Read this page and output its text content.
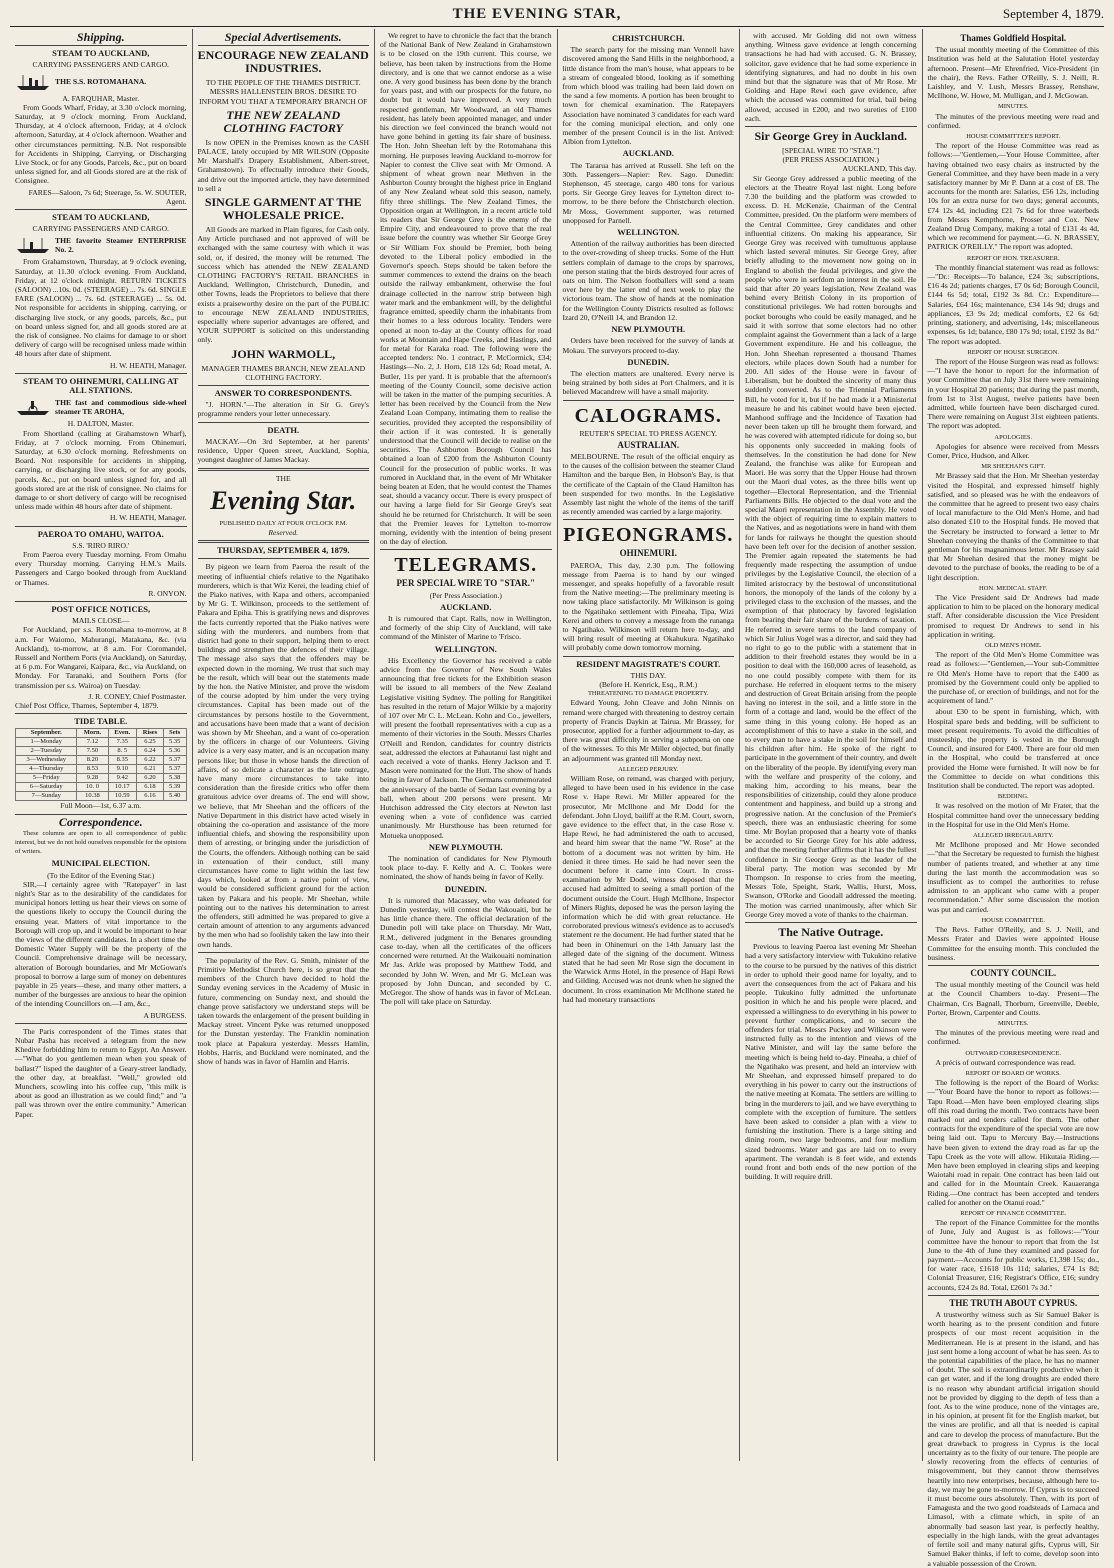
THE EVENING STAR,	September 4, 1879.
Shipping.
STEAM TO AUCKLAND,
CARRYING PASSENGERS AND CARGO.
THE S.S. ROTOMAHANA.
A. FARQUHAR, Master.

From Goods Wharf, Friday, at 3.30 o'clock morning, Saturday, at 9 o'clock morning. From Auckland, Thursday, at 4 o'clock afternoon, Friday, at 4 o'clock afternoon, Saturday, at 4 o'clock afternoon. Weather and other circumstances permitting. N.B. Not responsible for Accidents in Shipping, Carrying, or Discharging Live Stock, or for any Goods, Parcels, &c., put on board unless signed for, and all Goods stored are at the risk of Consignee.

FARES—Saloon, 7s 6d; Steerage, 5s. W. SOUTER, Agent.
STEAM TO AUCKLAND,
CARRYING PASSENGERS AND CARGO.
THE favorite Steamer ENTERPRISE No. 2.

From Grahamstown, Thursday, at 9 o'clock evening, Saturday, at 11.30 o'clock evening. From Auckland, Friday, at 12 o'clock midnight. RETURN TICKETS (SALOON) ...10s. 0d. (STEERAGE) ... 7s. 6d. SINGLE FARE (SALOON) ... 7s. 6d. (STEERAGE) ... 5s. 0d. Not responsible for accidents in shipping, carrying, or discharging live stock, or any goods, parcels, &c., put on board unless signed for, and all goods stored are at the risk of consignee. No claims for damage to or short delivery of cargo will be recognised unless made within 48 hours after date of shipment.

H. W. HEATH, Manager.
STEAM TO OHINEMURI, CALLING AT ALL STATIONS.
THE fast and commodious side-wheel steamer TE AROHA,
H. DALTON, Master.

From Shortland (calling at Grahamstown Wharf), Friday, at 7 o'clock morning. From Ohinemuri, Saturday, at 6.30 o'clock morning. Refreshments on Board. Not responsible for accidents in shipping, carrying, or discharging live stock, or for any goods, parcels, &c., put on board unless signed for, and all goods stored are at the risk of consignee. No claims for damage to or short delivery of cargo will be recognised unless made within 48 hours after date of shipment.

H. W. HEATH, Manager.
PAEROA TO OMAHU, WAITOA.
S.S. 'RIRO RIRO.'

From Paeroa every Tuesday morning. From Omahu every Thursday morning. Carrying H.M.'s Mails. Passengers and Cargo booked through from Auckland or Thames.

R. ONYON.
POST OFFICE NOTICES,
MAILS CLOSE—

For Auckland, per s.s. Rotomahana to-morrow, at 8 a.m. For Waiomo, Mahurangi, Matakana, &c. (via Auckland), to-morrow, at 8 a.m. For Coromandel, Russell and Northern Ports (via Auckland), on Saturday, at 6 p.m. For Wangarei, Kaipara, &c., via Auckland, on Monday. For Taranaki, and Southern Ports (for transmission per s.s. Wairoa) on Tuesday.

J. R. CONEY, Chief Postmaster.
Chief Post Office, Thames, September 4, 1879.
TIDE TABLE.
September.	Morn.	Even.	Rises	Sets
1—Monday	7.12	7.35	6.25	5.35
2—Tuesday	7.50	8. 5	6.24	5.36
3—Wednesday	8.20	8.35	6.22	5.37
4—Thursday	8.53	9.10	6.21	5.37
5—Friday	9.28	9.42	6.20	5.38
6—Saturday	10. 0	10.17	6.18	5.39
7—Sunday	10.38	10.59	6.16	5.40
Full Moon—1st, 6.37 a.m.
Correspondence.

These columns are open to all correspondence of public interest, but we do not hold ourselves responsible for the opinions of writers.

MUNICIPAL ELECTION.
(To the Editor of the Evening Star.)

SIR,—I certainly agree with "Ratepayer" in last night's Star as to the desirability of the candidates for municipal honors letting us hear their views on some of the questions likely to occupy the Council during the ensuing year. Matters of vital importance to the Borough will crop up, and it would be important to hear the views of the different candidates. In a short time the Domestic Water Supply will be the property of the Council. Comprehensive drainage will be necessary, alteration of Borough boundaries, and Mr McGowan's proposal to borrow a large sum of money on debentures payable in 25 years—these, and many other matters, a number of the burgesses are anxious to hear the opinion of the intending Councillors on.—I am, &c.,

A BURGESS.

The Paris correspondent of the Times states that Nubar Pasha has received a telegram from the new Khedive forbidding him to return to Egypt. An Answer.—"What do you gentlemen mean when you speak of ballast?" lisped the daughter of a Geary-street landlady, the other day, at breakfast. "Well," growled old Munchers, scowling into his coffee cup, "this milk is about as good an illustration as we could find;" and "a pall was thrown over the entire community." American Paper.

Special Advertisements.
ENCOURAGE NEW ZEALAND INDUSTRIES.
TO THE PEOPLE OF THE THAMES DISTRICT.
MESSRS HALLENSTEIN BROS. DESIRE TO INFORM YOU THAT A TEMPORARY BRANCH OF
THE NEW ZEALAND CLOTHING FACTORY

Is now OPEN in the Premises known as the CASH PALACE, lately occupied by MR WILSON (Opposite Mr Marshall's Drapery Establishment, Albert-street, Grahamstown). To effectually introduce their Goods, and drive out the imported article, they have determined to sell a

SINGLE GARMENT AT THE WHOLESALE PRICE.

All Goods are marked in Plain figures, for Cash only. Any Article purchased and not approved of will be exchanged with the same courtesy with which it was sold, or, if desired, the money will be returned. The success which has attended the NEW ZEALAND CLOTHING FACTORY'S RETAIL BRANCHES in Auckland, Wellington, Christchurch, Dunedin, and other Towns, leads the Proprietors to believe that there exists a praiseworthy desire on the part of the PUBLIC to encourage NEW ZEALAND INDUSTRIES, especially where superior advantages are offered, and YOUR SUPPORT is solicited on this understanding only.

JOHN WARMOLL,
MANAGER THAMES BRANCH, NEW ZEALAND CLOTHING FACTORY.
ANSWER TO CORRESPONDENTS.

"J. HORN."—The alteration in Sir G. Grey's programme renders your letter unnecessary.

DEATH.

MACKAY.—On 3rd September, at her parents' residence, Upper Queen street, Auckland, Sophia, youngest daughter of James Mackay.

THE
Evening Star.
PUBLISHED DAILY AT FOUR O'CLOCK P.M.
Reserved.
THURSDAY, SEPTEMBER 4, 1879.

By pigeon we learn from Paeroa the result of the meeting of influential chiefs relative to the Ngatihako murderers, which is that Wiz Kerei, the leading chief of the Piako natives, with Kapa and others, accompanied by Mr G. T. Wilkinson, proceeds to the settlement of Pakara and Epiha. This is gratifying news and disproves the facts currently reported that the Piako natives were siding with the murderers, and numbers from that district had gone to their support, helping them to erect buildings and strengthen the defences of their village. The message also says that the offenders may be expected down in the morning. We trust that such may be the result, which will bear out the statements made by the hon. the Native Minister, and prove the wisdom of the course adopted by him under the very trying circumstances. Capital has been made out of the circumstances by persons hostile to the Government, and accusations have been made that a want of decision was shown by Mr Sheehan, and a want of co-operation by the officers in charge of our Volunteers. Giving advice is a very easy matter, and is an occupation many persons like; but those in whose hands the direction of affairs, of so delicate a character as the late outrage, have many more circumstances to take into consideration than the fireside critics who offer them gratuitous advice over dreams of. The end will show, we believe, that Mr Sheehan and the officers of the Native Department in this district have acted wisely in obtaining the co-operation and assistance of the more influential chiefs, and showing the responsibility upon them of arresting, or bringing under the jurisdiction of the Courts, the offenders. Although nothing can be said in extenuation of their conduct, still many circumstances have come to light within the last few days which, looked at from a native point of view, would be considered sufficient ground for the action taken by Pakara and his people. Mr Sheehan, while pointing out to the natives his determination to arrest the offenders, still admitted he was prepared to give a certain amount of attention to any arguments advanced by the men who had so foolishly taken the law into their own hands.

The popularity of the Rev. G. Smith, minister of the Primitive Methodist Church here, is so great that the members of the Church have decided to hold the Sunday evening services in the Academy of Music in future, commencing on Sunday next, and should the change prove satisfactory we understand steps will be taken towards the enlargement of the present building in Mackay street. Vincent Pyke was returned unopposed for the Dunstan yesterday. The Franklin nomination took place at Papakura yesterday. Messrs Hamlin, Hobbs, Harris, and Buckland were nominated, and the show of hands was in favor of Hamlin and Harris.

We regret to have to chronicle the fact that the branch of the National Bank of New Zealand in Grahamstown is to be closed on the 19th current. This course, we believe, has been taken by instructions from the Home directory, and is one that we cannot endorse as a wise one. A very good business has been done by the branch for years past, and with our prospects for the future, no doubt but it would have improved. A very much respected gentleman, Mr Woodward, an old Thames resident, has lately been appointed manager, and under his direction we feel convinced the branch would not have gone behind in getting its fair share of business. The Hon. John Sheehan left by the Rotomahana this morning. He purposes leaving Auckland to-morrow for Napier to contest the Clive seat with Mr Ormond. A shipment of wheat grown near Methven in the Ashburton County brought the highest price in England of any New Zealand wheat sold this season, namely, fifty three shillings. The New Zealand Times, the Opposition organ at Wellington, in a recent article told its readers that Sir George Grey is the enemy of the Empire City, and endeavoured to prove that the real issue before the country was whether Sir George Grey or Sir William Fox should be Premier, both being devoted to the Liberal policy embodied in the Governor's speech. Steps should be taken before the summer commences to extend the drains on the beach outside the railway embankment, otherwise the foul drainage collected in the narrow strip between high water mark and the embankment will, by the delightful fragrance emitted, speedily charm the inhabitants from their homes to a less odorous locality. Tenders were opened at noon to-day at the County offices for road works at Mountain and Hape Creeks, and Hastings, and for metal for Karaka road. The following were the accepted tenders: No. 1 contract, P. McCormick, £34; Hastings—No. 2, J. Horn, £18 12s 6d; Road metal, A. Butler, 11s per yard. It is probable that the afternoon's meeting of the County Council, some decisive action will be taken in the matter of the pumping securities. A letter has been received by the Council from the New Zealand Loan Company, intimating them to realise the securities, provided they accepted the responsibility of their action if it was contested. It is generally understood that the Council will decide to realise on the securities. The Ashburton Borough Council has obtained a loan of £200 from the Ashburton County Council for the prosecution of public works. It was rumored in Auckland that, in the event of Mr Whitaker being beaten at Eden, that he would contest the Thames seat, should a vacancy occur. There is every prospect of our having a large field for Sir George Grey's seat should he be returned for Christchurch. It will be seen that the Premier leaves for Lyttelton to-morrow morning, evidently with the intention of being present on the day of election.

TELEGRAMS.
PER SPECIAL WIRE TO "STAR."
(Per Press Association.)
AUCKLAND.

It is rumoured that Capt. Ralls, now in Wellington, and formerly of the ship City of Auckland, will take command of the Minister of Marine to 'Frisco.

WELLINGTON.

His Excellency the Governor has received a cable advice from the Governor of New South Wales announcing that free tickets for the Exhibition season will be issued to all members of the New Zealand Legislative visiting Sydney. The polling for Rangitikei has resulted in the return of Major Wilkie by a majority of 107 over Mr C. L. McLean. Kohn and Co., jewellers, will present the football representatives with a cup as a memento of their victories in the South. Messrs Charles O'Neill and Rendon, candidates for country districts seat, addressed the electors at Pahautanui last night and each received a vote of thanks. Henry Jackson and T. Mason were nominated for the Hutt. The show of hands being in favor of Jackson. The Germans commemorated the anniversary of the battle of Sedan last evening by a ball, when about 200 persons were present. Mr Hutchison addressed the City electors at Newton last evening when a vote of confidence was carried unanimously. Mr Hursthouse has been returned for Motueka unopposed.

NEW PLYMOUTH.

The nomination of candidates for New Plymouth took place to-day. F. Kelly and A. C. Tookes were nominated, the show of hands being in favor of Kelly.

DUNEDIN.

It is rumored that Macassey, who was defeated for Dunedin yesterday, will contest the Wakouaiti, but he has little chance there. The official declaration of the Dunedin poll will take place on Thursday. Mr Watt, R.M., delivered judgment in the Benares grounding case to-day, when all the certificates of the officers concerned were returned. At the Waikouaiti nomination Mr Jas. Arkle was proposed by Matthew Todd, and seconded by John W. Wren, and Mr G. McLean was proposed by John Duncan, and seconded by C. McGregor. The show of hands was in favor of McLean. The poll will take place on Saturday.

CHRISTCHURCH.

The search party for the missing man Vennell have discovered among the Sand Hills in the neighborhood, a little distance from the man's house, what appears to be a stream of congealed blood, looking as if something from which blood was trailing had been laid down on the sand a few moments. A portion has been brought to town for chemical examination. The Ratepayers Association have nominated 3 candidates for each ward for the coming municipal election, and only one member of the present Council is in the list. Arrived: Albion from Lyttelton.

AUCKLAND.

The Tararua has arrived at Russell. She left on the 30th. Passengers—Napier: Rev. Sago. Dunedin: Stephenson, 45 steerage, cargo 480 tons for various ports. Sir George Grey leaves for Lyttelton direct to-morrow, to be there before the Christchurch election. Mr Moss, Government supporter, was returned unopposed for Parnell.

WELLINGTON.

Attention of the railway authorities has been directed to the over-crowding of sheep trucks. Some of the Hutt settlers complain of damage to the crops by sparrows, one person stating that the birds destroyed four acres of oats on him. The Nelson footballers will send a team over here by the latter end of next week to play the victorious team. The show of hands at the nomination for the Wellington County Districts resulted as follows: Izard 20, O'Neill 14, and Brandon 12.

NEW PLYMOUTH.

Orders have been received for the survey of lands at Mokau. The surveyors proceed to-day.

DUNEDIN.

The election matters are unaltered. Every nerve is being strained by both sides at Port Chalmers, and it is believed Macandrew will have a small majority.

CALOGRAMS.
REUTER'S SPECIAL TO PRESS AGENCY.
AUSTRALIAN.

MELBOURNE. The result of the official enquiry as to the causes of the collision between the steamer Claud Hamilton and the barque Ben, in Hobson's Bay, is that the certificate of the Captain of the Claud Hamilton has been suspended for two months. In the Legislative Assembly last night the whole of the items of the tariff as recently amended was carried by a large majority.

PIGEONGRAMS.
OHINEMURI.

PAEROA, This day, 2.30 p.m. The following message from Paeroa is to hand by our winged messenger, and speaks hopefully of a favorable result from the Native meeting:—The preliminary meeting is now taking place satisfactorily. Mr Wilkinson is going to the Ngatihako settlement with Pineaha, Tipa, Wizi Kerei and others to convey a message from the runanga to Ngatihako. Wilkinson will return here to-day, and will bring result of meeting at Okahukura. Ngatihako will probably come down tomorrow morning.

RESIDENT MAGISTRATE'S COURT.
THIS DAY.
(Before H. Kenrick, Esq., R.M.)
THREATENING TO DAMAGE PROPERTY.

Edward Young, John Cleave and John Ninnis on remand were charged with threatening to destroy certain property of Francis Daykin at Tairua. Mr Brassey, for prosecutor, applied for a further adjournment to-day, as there was great difficulty in serving a subpoena on one of the witnesses. To this Mr Miller objected, but finally an adjournment was granted till Monday next.

ALLEGED PERJURY.

William Rose, on remand, was charged with perjury, alleged to have been used in his evidence in the case Rose v. Hape Rewi. Mr Miller appeared for the prosecutor, Mr McIlhone and Mr Dodd for the defendant. John Lloyd, bailiff at the R.M. Court, sworn, gave evidence to the effect that, in the case Rose v. Hape Rewi, he had administered the oath to accused, and heard him swear that the name "W. Rose" at the bottom of a document was not written by him. He denied it three times. He said he had never seen the document before it came into Court. In cross-examination by Mr Dodd, witness deposed that the accused had admitted to seeing a small portion of the document outside the Court. Hugh McIlhone, Inspector of Miners Rights, deposed he was the person laying the information which he did with great reluctance. He corroborated previous witness's evidence as to accused's statement re the document. He had further stated that he had been in Ohinemuri on the 14th January last the alleged date of the signing of the document. Witness stated that he had seen Mr Rose sign the document in the Warwick Arms Hotel, in the presence of Hapi Rewi and Gilding. Accused was not drunk when he signed the document. In cross examination Mr McIlhone stated he had had monetary transactions

with accused. Mr Golding did not own witness anything. Witness gave evidence at length concerning transactions he had had with accused. G. N. Brassey, solicitor, gave evidence that he had some experience in identifying signatures, and had no doubt in his own mind but that the signature was that of Mr Rose. Mr Golding and Hape Rewi each gave evidence, after which the accused was committed for trial, bail being allowed, accused in £200, and two sureties of £100 each.

Sir George Grey in Auckland.
[SPECIAL WIRE TO "STAR."]
(PER PRESS ASSOCIATION.)
AUCKLAND, This day.

Sir George Grey addressed a public meeting of the electors at the Theatre Royal last night. Long before 7.30 the building and the platform was crowded to excess. D. H. McKenzie, Chairman of the Central Committee, presided. On the platform were members of the Central Committee, Grey candidates and other influential citizens. On making his appearance, Sir George Grey was received with tumultuous applause which lasted several minutes. Sir George Grey, after briefly alluding to the movement now going on in England to abolish the feudal privileges, and give the people who were in serfdom an interest in the soil. He said that after 20 years legislation, New Zealand was behind every British Colony in its proportion of constitutional privileges. We had rotten boroughs and pocket boroughs who could be easily managed, and he said it with sorrow that some electors had no other complaint against the Government than a lack of a large Government expenditure. He and his colleague, the Hon. John Sheehan represented a thousand Thames electors, while places down South had a number for 200. All sides of the House were in favour of Liberalism, but he doubted the sincerity of many thus suddenly converted. As to the Triennial Parliaments Bill, he voted for it, but if he had made it a Ministerial measure he and his cabinet would have been ejected. Manhood suffrage and the Incidence of Taxation had never been taken up till he brought them forward, and he was covered with attempted ridicule for doing so, but his opponents only succeeded in making fools of themselves. In the constitution he had done for New Zealand, the franchise was alike for European and Maori. He was sorry that the Upper House had thrown out the Maori dual votes, as the three bills went up together—Electoral Representation, and the Triennial Parliaments Bills. He objected to the dual vote and the special Maori representation in the Assembly. He voted with the object of requiring time to explain matters to the Natives, and as negotiations were in hand with them for lands for railways he thought the question should have been left over for the decision of another session. The Premier again repeated the statements he had frequently made respecting the assumption of undue privileges by the Legislative Council, the election of a limited aristocracy by the bestowal of unconstitutional honors, the monopoly of the lands of the colony by a privileged class to the exclusion of the masses, and the exemption of that plutocracy by favored legislation from bearing their fair share of the burdens of taxation. He referred in severe terms to the land company of which Sir Julius Vogel was a director, and said they had no right to go to the public with a statement that in addition to their freehold estates they would be in a position to deal with the 160,000 acres of leasehold, as no one could possibly compete with them for its purchase. He referred in eloquent terms to the misery and destruction of Great Britain arising from the people having no interest in the soil, and a little store in the form of a cottage and land, would be the effect of the same thing in this young colony. He hoped as an accomplishment of this to have a stake in the soil, and to every man to have a stake in the soil for himself and his children after him. He spoke of the right to participate in the government of their country, and dwelt on the liberality of the people. By identifying every man with the welfare and prosperity of the colony, and making him, according to his means, bear the responsibilities of citizenship, could they alone produce contentment and happiness, and build up a strong and progressive nation. At the conclusion of the Premier's speech, there was an enthusiastic cheering for some time. Mr Boylan proposed that a hearty vote of thanks be accorded to Sir George Grey for his able address, and that the meeting further affirms that it has the fullest confidence in Sir George Grey as the leader of the liberal party. The motion was seconded by Mr Thompson. In response to cries from the meeting, Messrs Tole, Speight, Stark, Wallis, Hurst, Moss, Swanson, O'Rorke and Goodall addressed the meeting. The motion was carried unanimously, after which Sir George Grey moved a vote of thanks to the chairman.

The Native Outrage.

Previous to leaving Paeroa last evening Mr Sheehan had a very satisfactory interview with Tukukino relative to the course to be pursued by the natives of this district in order to uphold their good name for loyalty, and to avert the consequences from the act of Pakara and his people. Tukukino fully admitted the unfortunate position in which he and his people were placed, and expressed a willingness to do everything in his power to prevent further complications, and to secure the offenders for trial. Messrs Puckey and Wilkinson were instructed fully as to the intention and views of the Native Minister, and will lay the same before the meeting which is being held to-day. Pineaha, a chief of the Ngatihako was present, and held an interview with Mr Sheehan, and expressed himself prepared to do everything in his power to carry out the instructions of the native meeting at Komata. The settlers are willing to bring in the murderers to jail, and we have everything to complete with the exception of furniture. The settlers have been asked to consider a plan with a view to furnishing the institution. There is a large sitting and dining room, two large bedrooms, and four medium sized bedrooms. Water and gas are laid on to every apartment. The verandah is 8 feet wide, and extends round front and both ends of the new portion of the building. It will require drill.

Thames Goldfield Hospital.

The usual monthly meeting of the Committee of this Institution was held at the Salutation Hotel yesterday afternoon. Present—Mr Ehrenfried, Vice-President (in the chair), the Revs. Father O'Reilly, S. J. Neill, R. Laishley, and V. Lush, Messrs Brassey, Renshaw, McIlhone, W. Howe, M. Mulligan, and J. McGowan.

MINUTES.

The minutes of the previous meeting were read and confirmed.

HOUSE COMMITTEE'S REPORT.

The report of the House Committee was read as follows:—"Gentlemen,—Your House Committee, after having obtained two easy chairs as instructed by the General Committee, and they have been made in a very satisfactory manner by Mr P. Dann at a cost of £8. The accounts for the month are: Salaries, £56 12s, including 10s for an extra nurse for two days; general accounts, £74 12s 4d, including £21 7s 6d for three waterbeds from Messrs Kempthorne, Prosser and Cox. New Zealand Drug Company, making a total of £131 4s 4d, which we recommend for payment.—G. N. BRASSEY, PATRICK O'REILLY." The report was adopted.

REPORT OF HON. TREASURER.

The monthly financial statement was read as follows:—"Dr.: Receipts—To balance, £24 3s; subscriptions, £16 4s 2d; patients charges, £7 0s 6d; Borough Council, £144 6s 5d; total, £192 3s 8d. Cr.: Expenditure—Salaries, £64 16s; maintenance, £34 14s 9d; drugs and appliances, £3 9s 2d; medical comforts, £2 6s 6d; printing, stationery, and advertising, 14s; miscellaneous expenses, 6s 1d; balance, £80 17s 9d; total, £192 3s 8d." The report was adopted.

REPORT OF HOUSE SURGEON.

The report of the House Surgeon was read as follows:—"I have the honor to report for the information of your Committee that on July 31st there were remaining in your Hospital 20 patients; that during the past month, from 1st to 31st August, twelve patients have been admitted, while fourteen have been discharged cured. There were remaining on August 31st eighteen patients. The report was adopted.

APOLOGIES.

Apologies for absence were received from Messrs Comer, Price, Hudson, and Alker.

MR SHEEHAN'S GIFT.

Mr Brassey said that the Hon. Mr Sheehan yesterday visited the Hospital, and expressed himself highly satisfied, and so pleased was he with the endeavors of the committee that he agreed to present two easy chairs of local manufacture to the Old Men's Home, and had also donated £10 to the Hospital funds. He moved that the Secretary be instructed to forward a letter to Mr Sheehan conveying the thanks of the Committee to that gentleman for his magnanimous letter. Mr Brassey said that Mr Sheehan desired that the money might be devoted to the purchase of books, the reading to be of a light description.

HON. MEDICAL STAFF.

The Vice President said Dr Andrews had made application to him to be placed on the honorary medical staff. After considerable discussion the Vice President promised to request Dr Andrews to send in his application in writing.

OLD MEN'S HOME.

The report of the Old Men's Home Committee was read as follows:—"Gentlemen,—Your sub-Committee re Old Men's Home have to report that the £400 as promised by the Government could only be applied to the purchase of, or erection of buildings, and not for the acquirement of land."

about £30 to be spent in furnishing, which, with Hospital spare beds and bedding, will be sufficient to meet present requirements. To avoid the difficulties of trusteeship, the property is vested in the Borough Council, and insured for £400. There are four old men in the Hospital, who could be transferred at once provided the Home were furnished. It will now be for the Committee to decide on what conditions this Institution shall be conducted. The report was adopted.

BEDDING.

It was resolved on the motion of Mr Frater, that the Hospital committee hand over the unnecessary bedding in the Hospital for use in the Old Men's Home.

ALLEGED IRREGULARITY.

Mr McIlhone proposed and Mr Howe seconded—"that the Secretary be requested to furnish the highest number of patients treated, and whether at any time during the last month the accommodation was so insufficient as to compel the authorities to refuse admission to an applicant who came with a proper recommendation." After some discussion the motion was put and carried.

HOUSE COMMITTEE.

The Revs. Father O'Reilly, and S. J. Neill, and Messrs Frater and Davies were appointed House Committee for the ensuing month. This concluded the business.

COUNTY COUNCIL.

The usual monthly meeting of the Council was held at the Council Chambers to-day. Present—The Chairman, Crs Bagnall, Thorburn, Greenville, Deeble, Porter, Brown, Carpenter and Coutts.

MINUTES.

The minutes of the previous meeting were read and confirmed.

OUTWARD CORRESPONDENCE.

A précis of outward correspondence was read.

REPORT OF BOARD OF WORKS.

The following is the report of the Board of Works:—"Your Board have the honor to report as follows:—Tapu Road.—Men have been employed clearing slips off this road during the month. Two contracts have been marked out and tenders called for them. The other contracts for the expenditure of the special vote are now being laid out. Tapu to Mercury Bay.—Instructions have been given to extend the dray road as far up the Tapu Creek as the vote will allow. Hikutaia Riding.—Men have been employed in clearing slips and keeping Waiotahi road in repair. One contract has been laid out and called for in the Mountain Creek. Kauaeranga Riding.—One contract has been accepted and tenders called for another on the Otanui road."

REPORT OF FINANCE COMMITTEE.

The report of the Finance Committee for the months of June, July and August is as follows:—"Your committee have the honour to report that from the 1st June to the 4th of June they examined and passed for payment.—Accounts for public works, £1,398 15s; do., for water race, £1618 10s 11d; salaries, £74 1s 8d; Colonial Treasurer, £16; Registrar's Office, £16; sundry accounts, £24 2s 8d. Total, £2601 7s 3d."

THE TRUTH ABOUT CYPRUS.

A trustworthy witness such as Sir Samuel Baker is worth hearing as to the present condition and future prospects of our most recent acquisition in the Mediterranean. He is at present in the island, and has just sent home a long account of what he has seen. As to the potential capabilities of the place, he has no manner of doubt. The soil is extraordinarily productive when it can get water, and if the long droughts are ended there is no reason why abundant artificial irrigation should not be provided by digging to the depth of less than a foot. As to the wine produce, none of the vintages are, in his opinion, at present fit for the English market, but the vines are prolific, and all that is needed is capital and care to develop the process of manufacture. But the great drawback to progress in Cyprus is the local uncertainty as to the fixity of our tenure. The people are slowly recovering from the effects of centuries of misgovernment, but they cannot throw themselves heartily into new enterprises, because, although here to-day, we may be gone to-morrow. If Cyprus is to succeed it must become ours absolutely. Then, with its port of Famagusta and the two good roadsteads of Larnaca and Limasol, with a climate which, in spite of an abnormally bad season last year, is perfectly healthy, especially in the high lands, with the great advantages of fertile soil and many natural gifts, Cyprus will, Sir Samuel Baker thinks, if left to come, develop soon into a valuable possession of the Crown.
